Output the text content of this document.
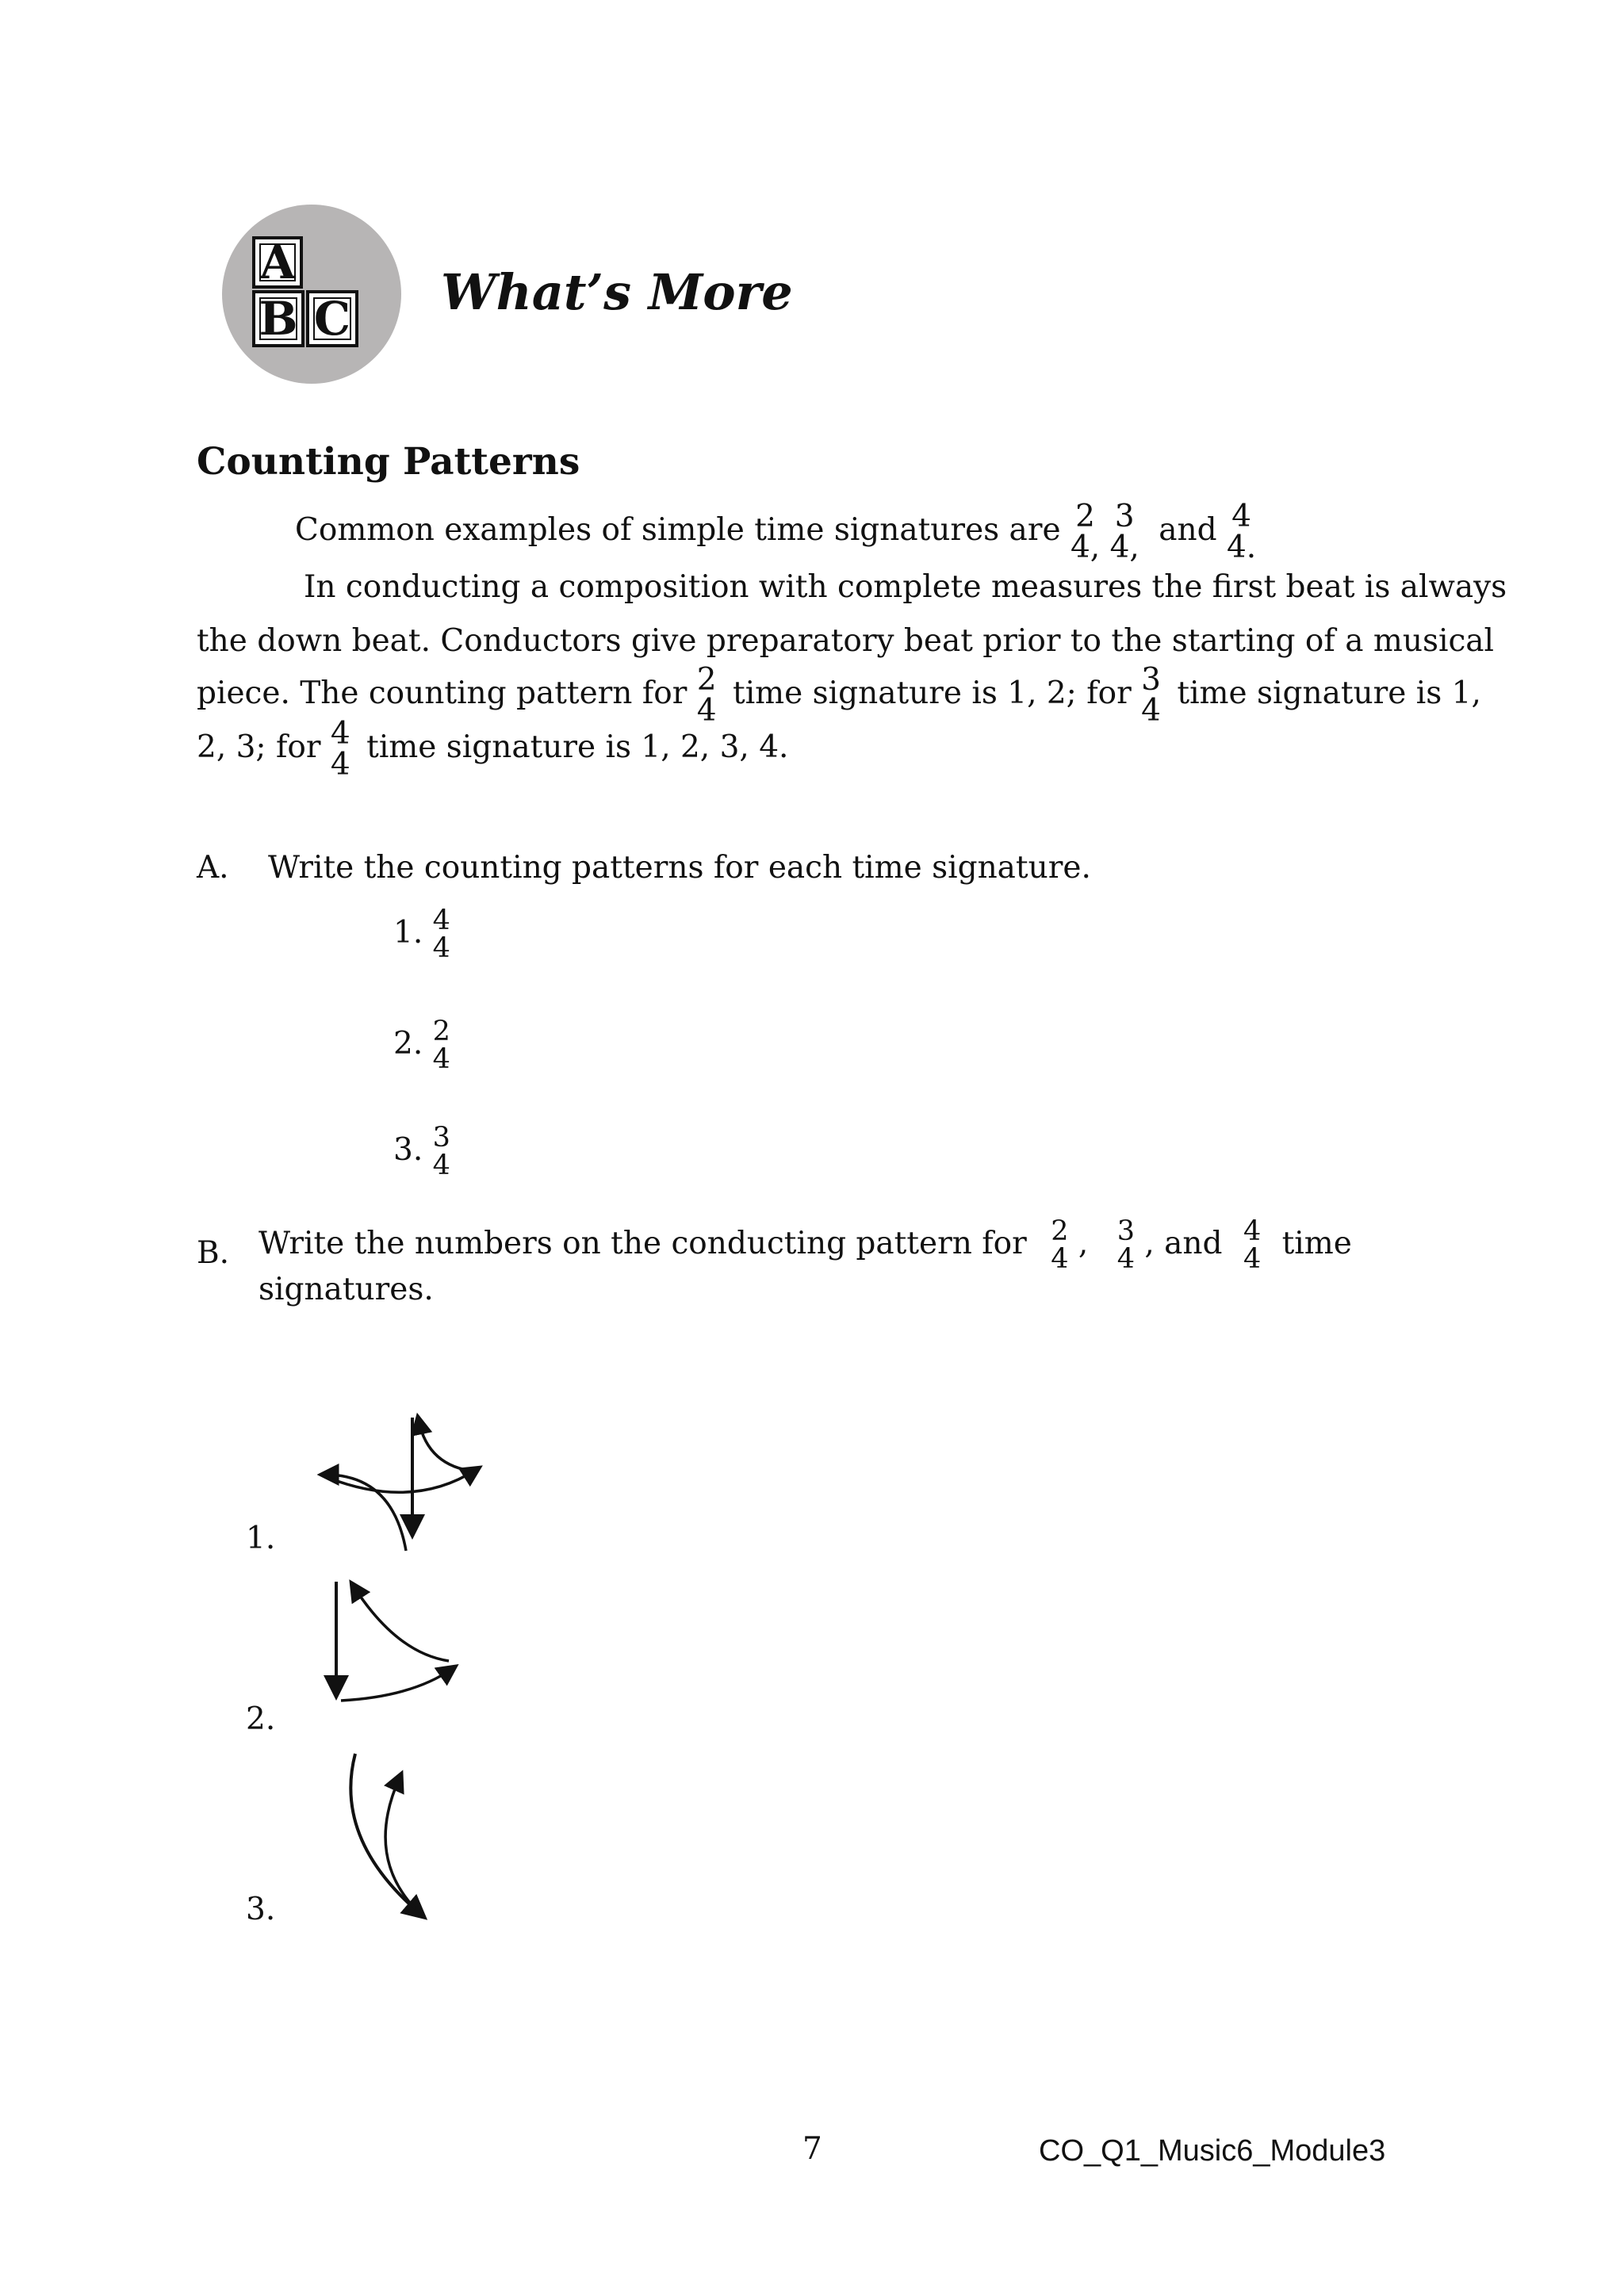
A
B C What’s More
Counting Patterns
Common examples of simple time signatures are 2
4,

3
4, and 4
4.
In conducting a composition with complete measures the first beat is always
the down beat. Conductors give preparatory beat prior to the starting of a musical
piece. The counting pattern for 2
4 time signature is 1, 2; for 3
4 time signature is 1,
2, 3; for 4
4 time signature is 1, 2, 3, 4.
A. Write the counting patterns for each time signature.
1. 4
4
2. 2
4
3. 3
4
B. Write the numbers on the conducting pattern for 2
4 , 3
4 , and 4
4 time
signatures.
1.
2.
3.
7	CO_Q1_Music6_Module3
